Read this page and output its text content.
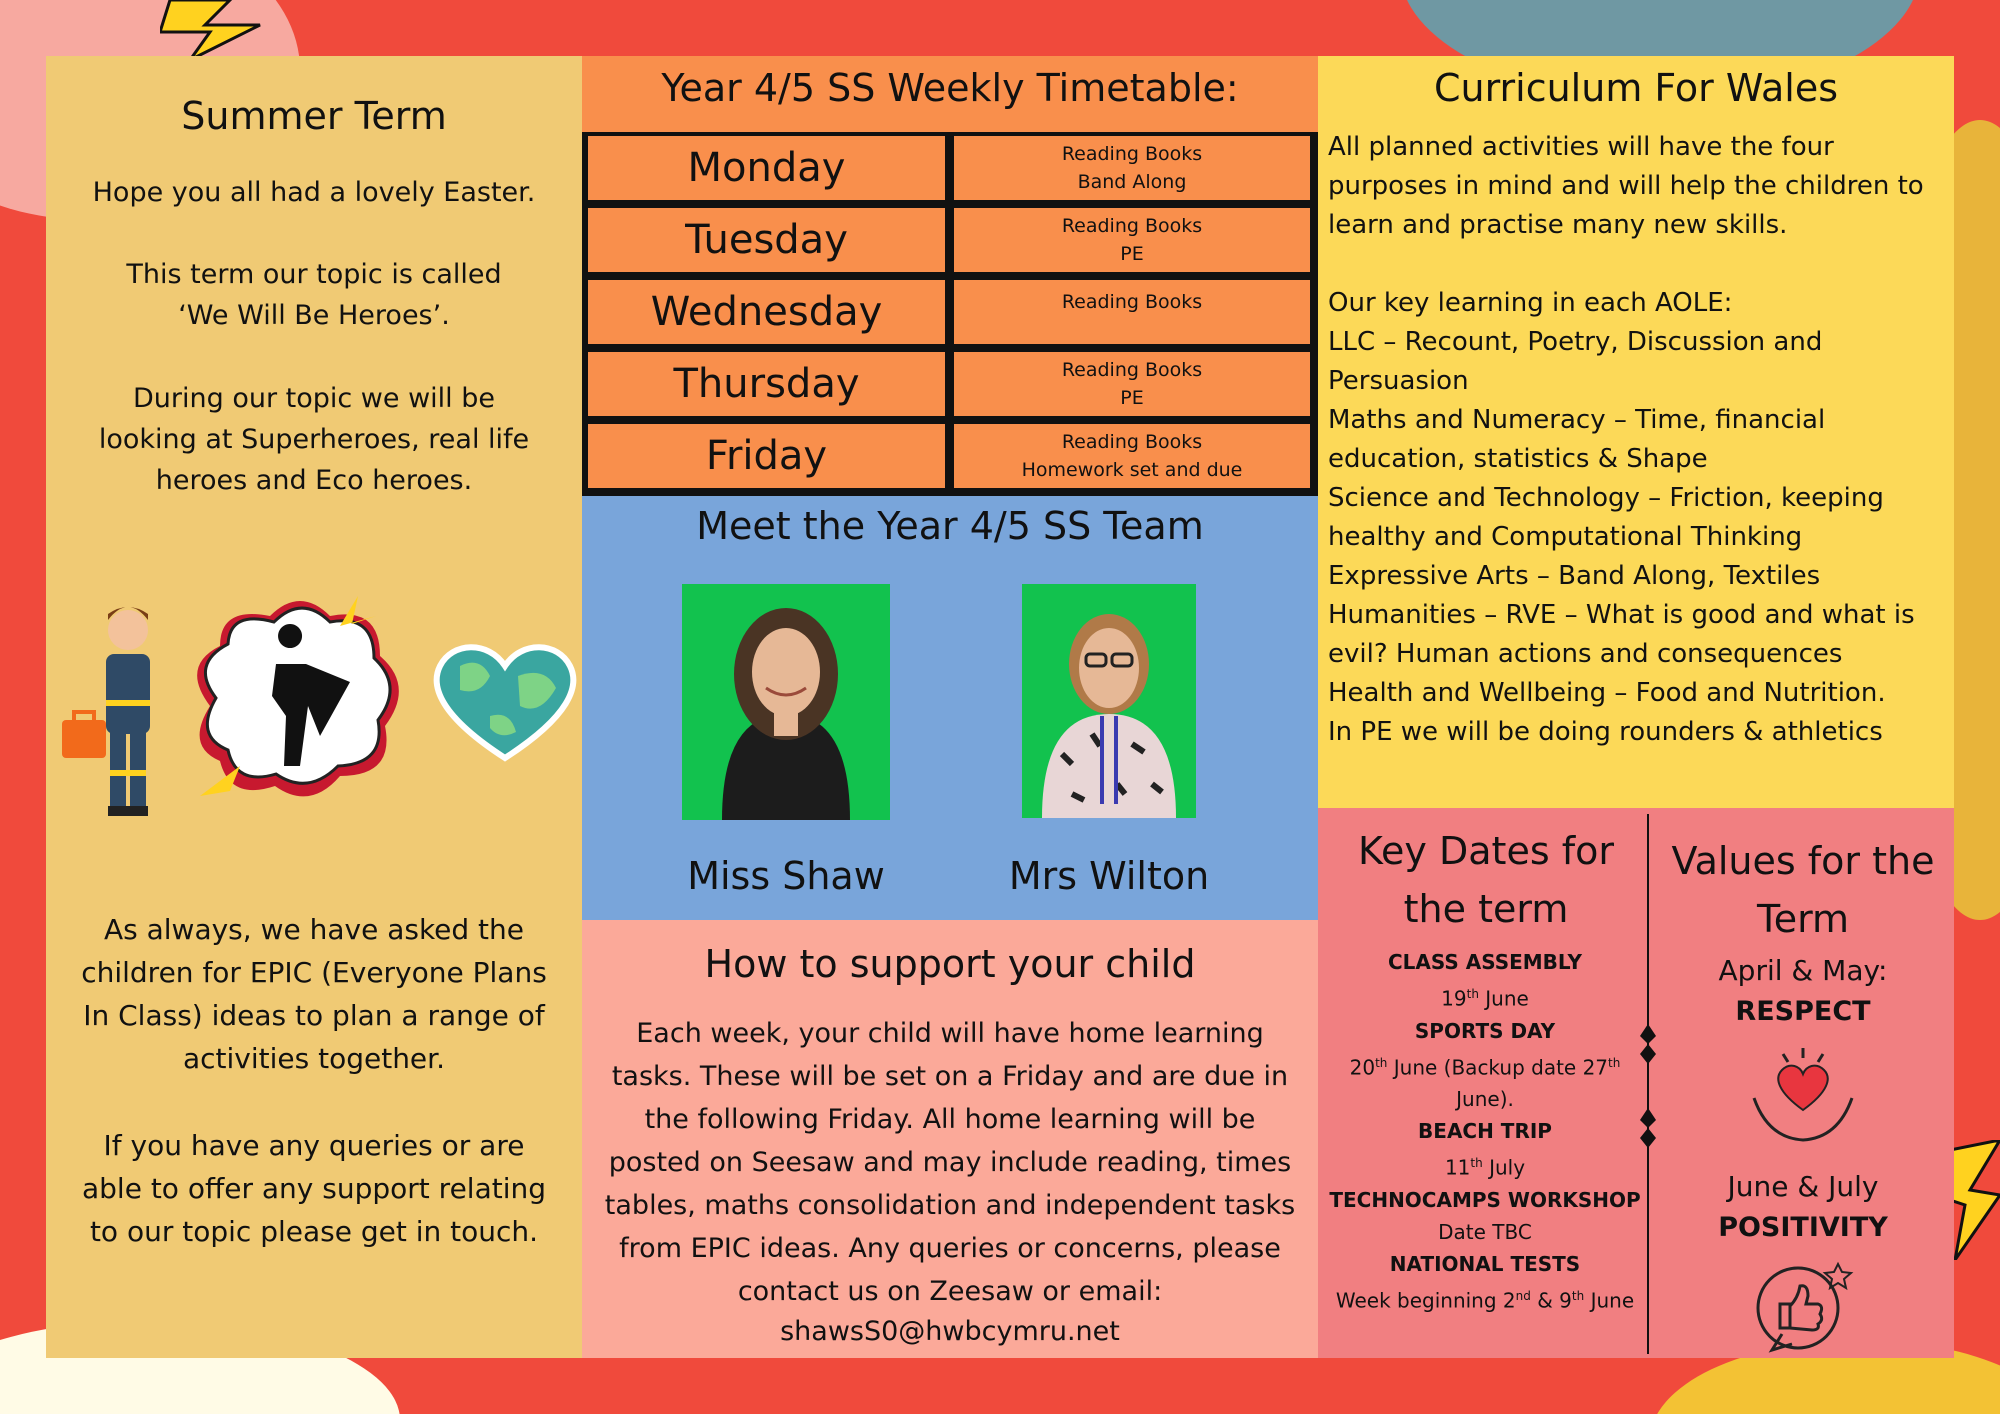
Summer Term
Hope you all had a lovely Easter.
This term our topic is called
‘We Will Be Heroes’.
During our topic we will be looking at Superheroes, real life heroes and Eco heroes.
As always, we have asked the children for EPIC (Everyone Plans In Class) ideas to plan a range of activities together.
If you have any queries or are able to offer any support relating to our topic please get in touch.
Year 4/5 SS Weekly Timetable:
Monday	Reading Books
Band Along
Tuesday	Reading Books
PE
Wednesday	Reading Books
Thursday	Reading Books
PE
Friday	Reading Books
Homework set and due
Meet the Year 4/5 SS Team
Miss Shaw	Mrs Wilton
How to support your child
Each week, your child will have home learning tasks. These will be set on a Friday and are due in the following Friday. All home learning will be posted on Seesaw and may include reading, times tables, maths consolidation and independent tasks from EPIC ideas. Any queries or concerns, please contact us on Zeesaw or email:
shawsS0@hwbcymru.net
Curriculum For Wales

All planned activities will have the four purposes in mind and will help the children to learn and practise many new skills.

Our key learning in each AOLE:

LLC – Recount, Poetry, Discussion and Persuasion

Maths and Numeracy – Time, financial education, statistics & Shape

Science and Technology – Friction, keeping healthy and Computational Thinking

Expressive Arts – Band Along, Textiles

Humanities – RVE – What is good and what is evil? Human actions and consequences

Health and Wellbeing – Food and Nutrition.

In PE we will be doing rounders & athletics

Key Dates for the term
CLASS ASSEMBLY
19th June
SPORTS DAY
20th June (Backup date 27th June).
BEACH TRIP
11th July
TECHNOCAMPS WORKSHOP
Date TBC
NATIONAL TESTS
Week beginning 2nd & 9th June
Values for the Term
April & May:
RESPECT
June & July
POSITIVITY
